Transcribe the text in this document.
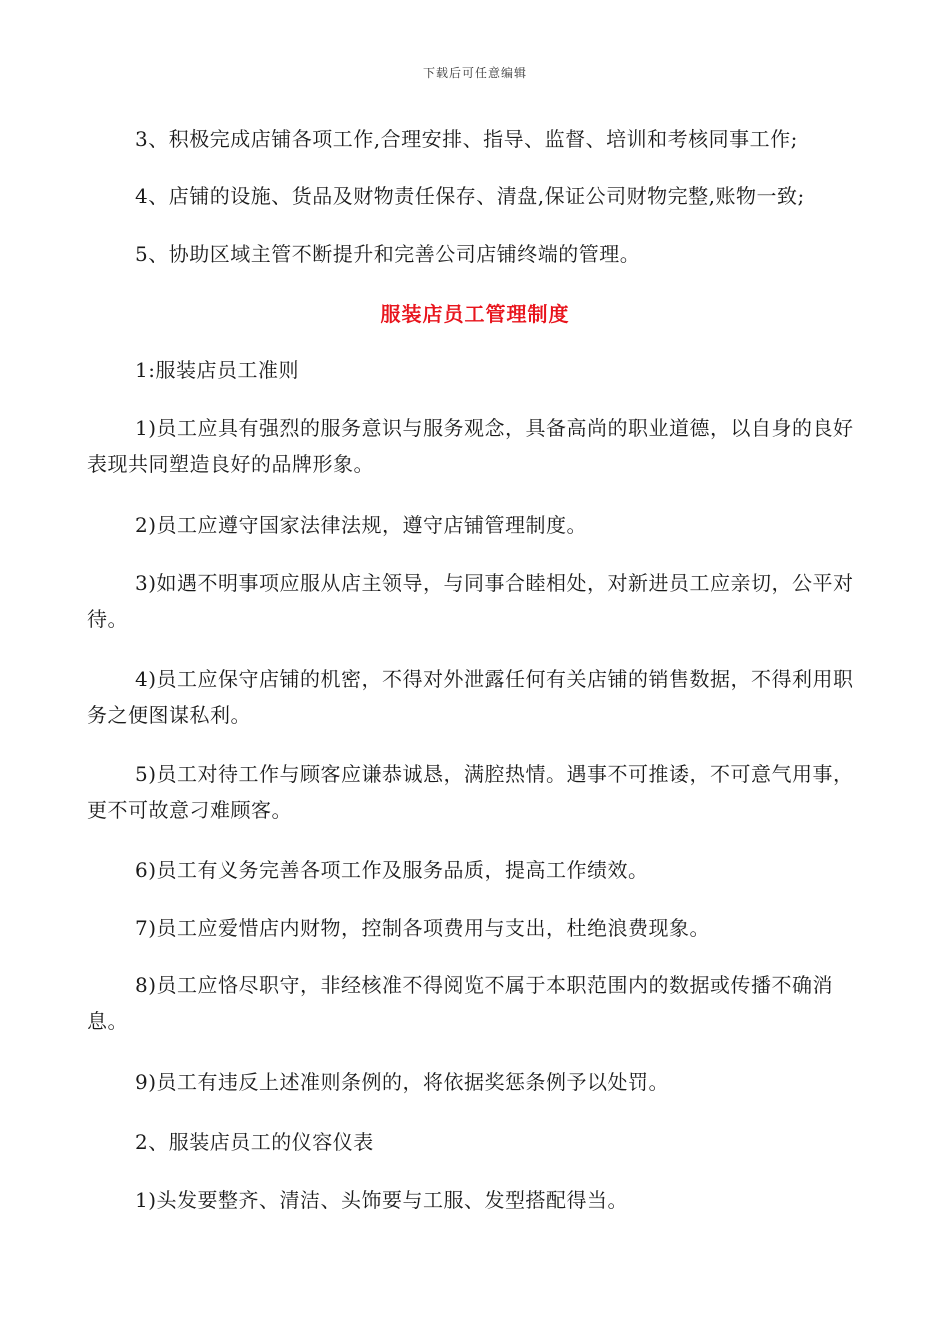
下载后可任意编辑
3、积极完成店铺各项工作,合理安排、指导、监督、培训和考核同事工作;
4、店铺的设施、货品及财物责任保存、清盘,保证公司财物完整,账物一致;
5、协助区域主管不断提升和完善公司店铺终端的管理。
服装店员工管理制度
1:服装店员工准则
1)员工应具有强烈的服务意识与服务观念，具备高尚的职业道德，以自身的良好表现共同塑造良好的品牌形象。
2)员工应遵守国家法律法规，遵守店铺管理制度。
3)如遇不明事项应服从店主领导，与同事合睦相处，对新进员工应亲切，公平对待。
4)员工应保守店铺的机密，不得对外泄露任何有关店铺的销售数据，不得利用职务之便图谋私利。
5)员工对待工作与顾客应谦恭诚恳，满腔热情。遇事不可推诿，不可意气用事，更不可故意刁难顾客。
6)员工有义务完善各项工作及服务品质，提高工作绩效。
7)员工应爱惜店内财物，控制各项费用与支出，杜绝浪费现象。
8)员工应恪尽职守，非经核准不得阅览不属于本职范围内的数据或传播不确消息。
9)员工有违反上述准则条例的，将依据奖惩条例予以处罚。
2、服装店员工的仪容仪表
1)头发要整齐、清洁、头饰要与工服、发型搭配得当。
